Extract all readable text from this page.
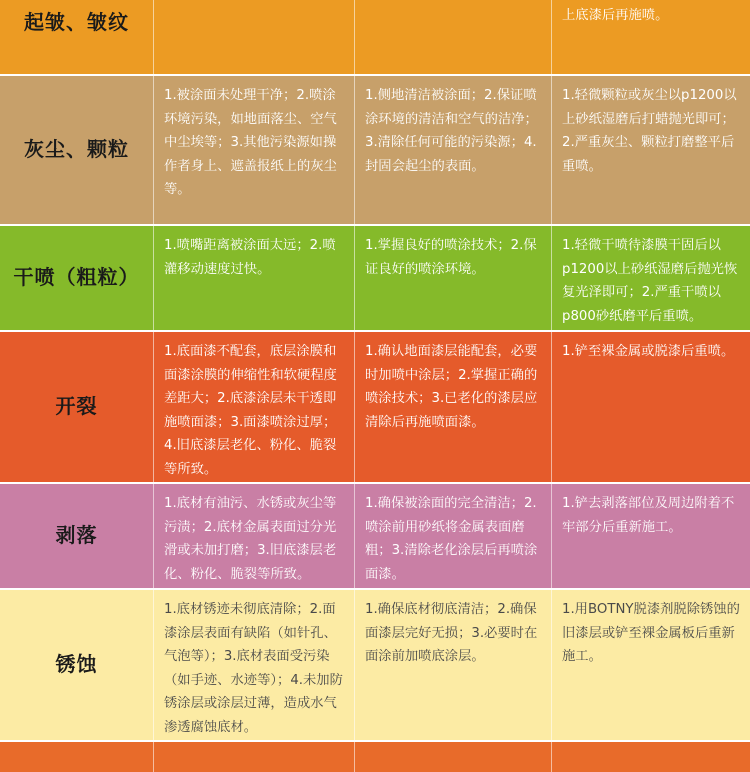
起皱、皱纹	上底漆后再施喷。
灰尘、颗粒
1.被涂面未处理干净；2.喷涂环境污染，如地面落尘、空气中尘埃等；3.其他污染源如操作者身上、遮盖报纸上的灰尘等。
1.侧地清洁被涂面；2.保证喷涂环境的清洁和空气的洁净；3.清除任何可能的污染源；4.封固会起尘的表面。
1.轻微颗粒或灰尘以p1200以上砂纸湿磨后打蜡抛光即可；2.严重灰尘、颗粒打磨整平后重喷。
干喷（粗粒）
1.喷嘴距离被涂面太远；2.喷灌移动速度过快。
1.掌握良好的喷涂技术；2.保证良好的喷涂环境。
1.轻微干喷待漆膜干固后以p1200以上砂纸湿磨后抛光恢复光泽即可；2.严重干喷以p800砂纸磨平后重喷。
开裂
1.底面漆不配套，底层涂膜和面漆涂膜的伸缩性和软硬程度差距大；2.底漆涂层未干透即施喷面漆；3.面漆喷涂过厚；4.旧底漆层老化、粉化、脆裂等所致。
1.确认地面漆层能配套，必要时加喷中涂层；2.掌握正确的喷涂技术；3.已老化的漆层应清除后再施喷面漆。
1.铲至裸金属或脱漆后重喷。
剥落
1.底材有油污、水锈或灰尘等污渍；2.底材金属表面过分光滑或未加打磨；3.旧底漆层老化、粉化、脆裂等所致。
1.确保被涂面的完全清洁；2.喷涂前用砂纸将金属表面磨粗；3.清除老化涂层后再喷涂面漆。
1.铲去剥落部位及周边附着不牢部分后重新施工。
锈蚀
1.底材锈迹未彻底清除；2.面漆涂层表面有缺陷（如针孔、气泡等）；3.底材表面受污染（如手迹、水迹等）；4.未加防锈涂层或涂层过薄，造成水气渗透腐蚀底材。
1.确保底材彻底清洁；2.确保面漆层完好无损；3.必要时在面涂前加喷底涂层。
1.用BOTNY脱漆剂脱除锈蚀的旧漆层或铲至裸金属板后重新施工。
